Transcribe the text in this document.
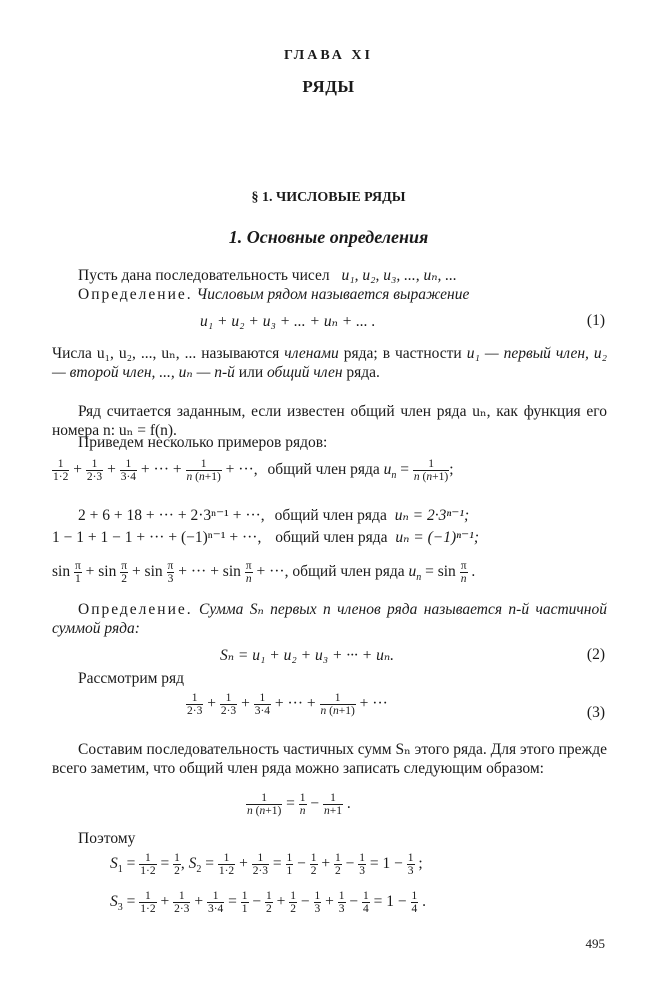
ГЛАВА XI
РЯДЫ
§ 1. ЧИСЛОВЫЕ РЯДЫ
1. Основные определения
Пусть дана последовательность чисел u₁, u₂, u₃, ..., uₙ, ...
Определение. Числовым рядом называется выражение
u₁ + u₂ + u₃ + ... + uₙ + ... .	(1)
Числа u₁, u₂, ..., uₙ, ... называются членами ряда; в частности u₁ — первый член, u₂ — второй член, ..., uₙ — n-й или общий член ряда.
Ряд считается заданным, если известен общий член ряда uₙ, как функция его номера n: uₙ = f(n).
Приведем несколько примеров рядов:
$\frac{1}{1\cdot 2} + \frac{1}{2\cdot 3} + \frac{1}{3\cdot 4}$ + ··· + $\frac{1}{n (n+1)}$ + ···, общий член ряда $u_n = \frac{1}{n (n+1)}$ ;
2 + 6 + 18 + ··· + 2·3ⁿ⁻¹ + ···, общий член ряда uₙ = 2·3ⁿ⁻¹;
1 − 1 + 1 − 1 + ··· + (−1)ⁿ⁻¹ + ···, общий член ряда uₙ = (−1)ⁿ⁻¹;
$\sin \frac{\pi}{1} + \sin \frac{\pi}{2} + \sin \frac{\pi}{3}$ + ··· + $\sin \frac{\pi}{n}$ + ···, общий член ряда $u_n = \sin \frac{\pi}{n}$ .
Определение. Сумма Sₙ первых n членов ряда называется n-й частичной суммой ряда:
Sₙ = u₁ + u₂ + u₃ + ··· + uₙ.	(2)
Рассмотрим ряд
$\frac{1}{2\cdot 3} + \frac{1}{2\cdot 3} + \frac{1}{3\cdot 4}$ + ··· + $\frac{1}{n (n+1)}$ + ···
(3)
Составим последовательность частичных сумм Sₙ этого ряда. Для этого прежде всего заметим, что общий член ряда можно записать следующим образом:
$\frac{1}{n (n+1)} = \frac{1}{n} - \frac{1}{n+1}$ .
Поэтому
$S_1 = \frac{1}{1\cdot 2} = \frac{1}{2}$ , $S_2 = \frac{1}{1\cdot 2} + \frac{1}{2\cdot 3} = \frac{1}{1} - \frac{1}{2} + \frac{1}{2} - \frac{1}{3} = 1 - \frac{1}{3}$ ;
$S_3 = \frac{1}{1\cdot 2} + \frac{1}{2\cdot 3} + \frac{1}{3\cdot 4} = \frac{1}{1} - \frac{1}{2} + \frac{1}{2} - \frac{1}{3} + \frac{1}{3} - \frac{1}{4} = 1 - \frac{1}{4}$ .
495
